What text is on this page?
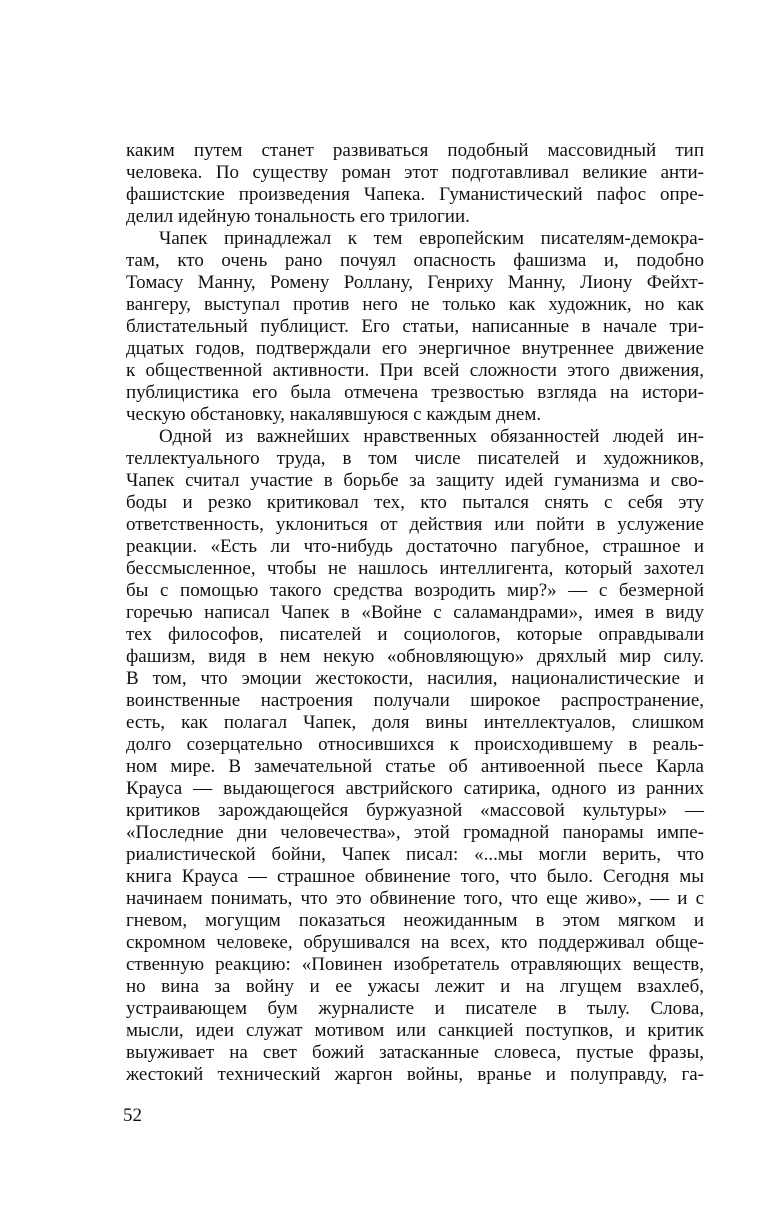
каким путем станет развиваться подобный массовидный тип
человека. По существу роман этот подготавливал великие анти-
фашистские произведения Чапека. Гуманистический пафос опре-
делил идейную тональность его трилогии.
Чапек принадлежал к тем европейским писателям-демокра-
там, кто очень рано почуял опасность фашизма и, подобно
Томасу Манну, Ромену Роллану, Генриху Манну, Лиону Фейхт-
вангеру, выступал против него не только как художник, но как
блистательный публицист. Его статьи, написанные в начале три-
дцатых годов, подтверждали его энергичное внутреннее движение
к общественной активности. При всей сложности этого движения,
публицистика его была отмечена трезвостью взгляда на истори-
ческую обстановку, накалявшуюся с каждым днем.
Одной из важнейших нравственных обязанностей людей ин-
теллектуального труда, в том числе писателей и художников,
Чапек считал участие в борьбе за защиту идей гуманизма и сво-
боды и резко критиковал тех, кто пытался снять с себя эту
ответственность, уклониться от действия или пойти в услужение
реакции. «Есть ли что-нибудь достаточно пагубное, страшное и
бессмысленное, чтобы не нашлось интеллигента, который захотел
бы с помощью такого средства возродить мир?» — с безмерной
горечью написал Чапек в «Войне с саламандрами», имея в виду
тех философов, писателей и социологов, которые оправдывали
фашизм, видя в нем некую «обновляющую» дряхлый мир силу.
В том, что эмоции жестокости, насилия, националистические и
воинственные настроения получали широкое распространение,
есть, как полагал Чапек, доля вины интеллектуалов, слишком
долго созерцательно относившихся к происходившему в реаль-
ном мире. В замечательной статье об антивоенной пьесе Карла
Крауса — выдающегося австрийского сатирика, одного из ранних
критиков зарождающейся буржуазной «массовой культуры» —
«Последние дни человечества», этой громадной панорамы импе-
риалистической бойни, Чапек писал: «...мы могли верить, что
книга Крауса — страшное обвинение того, что было. Сегодня мы
начинаем понимать, что это обвинение того, что еще живо», — и с
гневом, могущим показаться неожиданным в этом мягком и
скромном человеке, обрушивался на всех, кто поддерживал обще-
ственную реакцию: «Повинен изобретатель отравляющих веществ,
но вина за войну и ее ужасы лежит и на лгущем взахлеб,
устраивающем бум журналисте и писателе в тылу. Слова,
мысли, идеи служат мотивом или санкцией поступков, и критик
выуживает на свет божий затасканные словеса, пустые фразы,
жестокий технический жаргон войны, вранье и полуправду, га-
52
